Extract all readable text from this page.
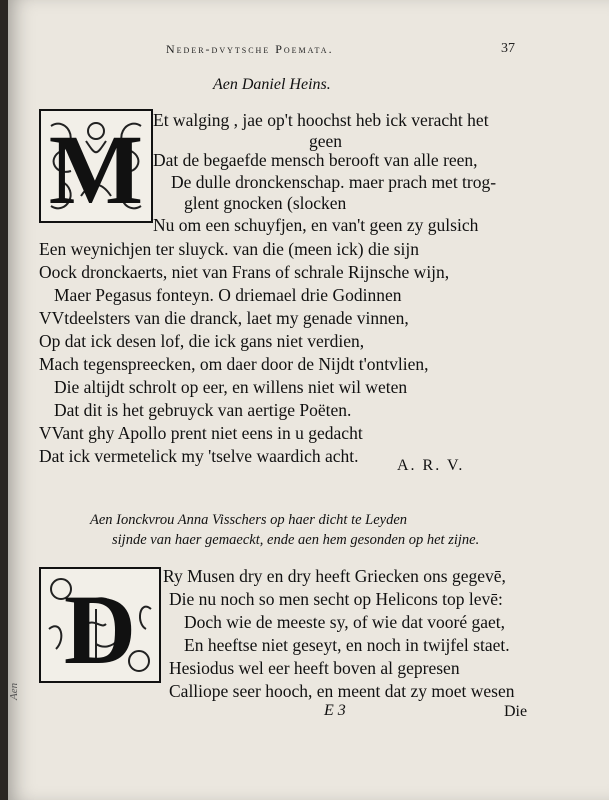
Aen
Neder-dvytsche Poemata.	37
Aen Daniel Heins.
M Et walging , jae op't hoochst heb ick veracht het
geen
Dat de begaefde mensch berooft van alle reen,
De dulle dronckenschap. maer prach met trog-
glent gnocken (slocken
Nu om een schuyfjen, en van't geen zy gulsich
Een weynichjen ter sluyck. van die (meen ick) die sijn
Oock dronckaerts, niet van Frans of schrale Rijnsche wijn,
Maer Pegasus fonteyn. O driemael drie Godinnen
VVtdeelsters van die dranck, laet my genade vinnen,
Op dat ick desen lof, die ick gans niet verdien,
Mach tegenspreecken, om daer door de Nijdt t'ontvlien,
Die altijdt schrolt op eer, en willens niet wil weten
Dat dit is het gebruyck van aertige Poëten.
VVant ghy Apollo prent niet eens in u gedacht
Dat ick vermetelick my 'tselve waardich acht. A. R. V.
Aen Ionckvrou Anna Visschers op haer dicht te Leyden
sijnde van haer gemaeckt, ende aen hem gesonden op het zijne.
D Ry Musen dry en dry heeft Griecken ons gegevē,
Die nu noch so men secht op Helicons top levē:
Doch wie de meeste sy, of wie dat vooré gaet,
En heeftse niet geseyt, en noch in twijfel staet.
Hesiodus wel eer heeft boven al gepresen
Calliope seer hooch, en meent dat zy moet wesen
E 3	Die
